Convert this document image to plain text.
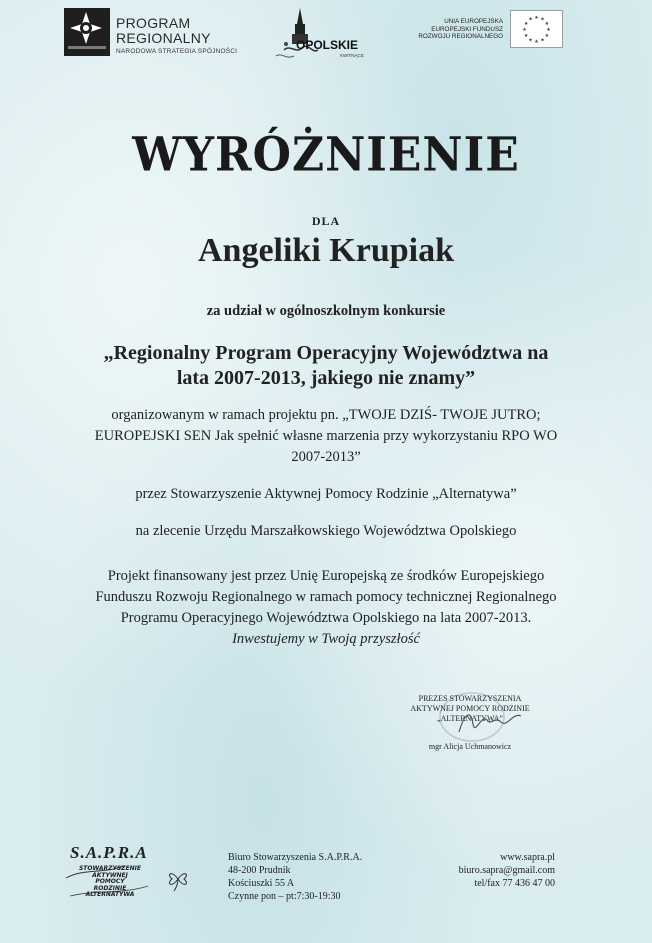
PROGRAM
REGIONALNY
NARODOWA STRATEGIA SPÓJNOŚCI	OPOLSKIE
KWITNĄCE
UNIA EUROPEJSKA
EUROPEJSKI FUNDUSZ
ROZWOJU REGIONALNEGO
★
★
★
★
★
★
★
★
★ ★ ★
★
WYRÓŻNIENIE
DLA
Angeliki Krupiak
za udział w ogólnoszkolnym konkursie
„Regionalny Program Operacyjny Województwa na
lata 2007-2013, jakiego nie znamy”
organizowanym w ramach projektu pn. „TWOJE DZIŚ- TWOJE JUTRO;
EUROPEJSKI SEN Jak spełnić własne marzenia przy wykorzystaniu RPO WO
2007-2013”
przez Stowarzyszenie Aktywnej Pomocy Rodzinie „Alternatywa”
na zlecenie Urzędu Marszałkowskiego Województwa Opolskiego
Projekt finansowany jest przez Unię Europejską ze środków Europejskiego
Funduszu Rozwoju Regionalnego w ramach pomocy technicznej Regionalnego
Programu Operacyjnego Województwa Opolskiego na lata 2007-2013.
Inwestujemy w Twoją przyszłość
PREZES STOWARZYSZENIA
AKTYWNEJ POMOCY RODZINIE
„ALTERNATYWA”
mgr Alicja Uchmanowicz
S.A.P.R.A
STOWARZYSZENIE
AKTYWNEJ
POMOCY
RODZINIE
ALTERNATYWA
Biuro Stowarzyszenia S.A.P.R.A.
48-200 Prudnik
Kościuszki 55 A
Czynne pon – pt:7:30-19:30
www.sapra.pl
biuro.sapra@gmail.com
tel/fax 77 436 47 00
